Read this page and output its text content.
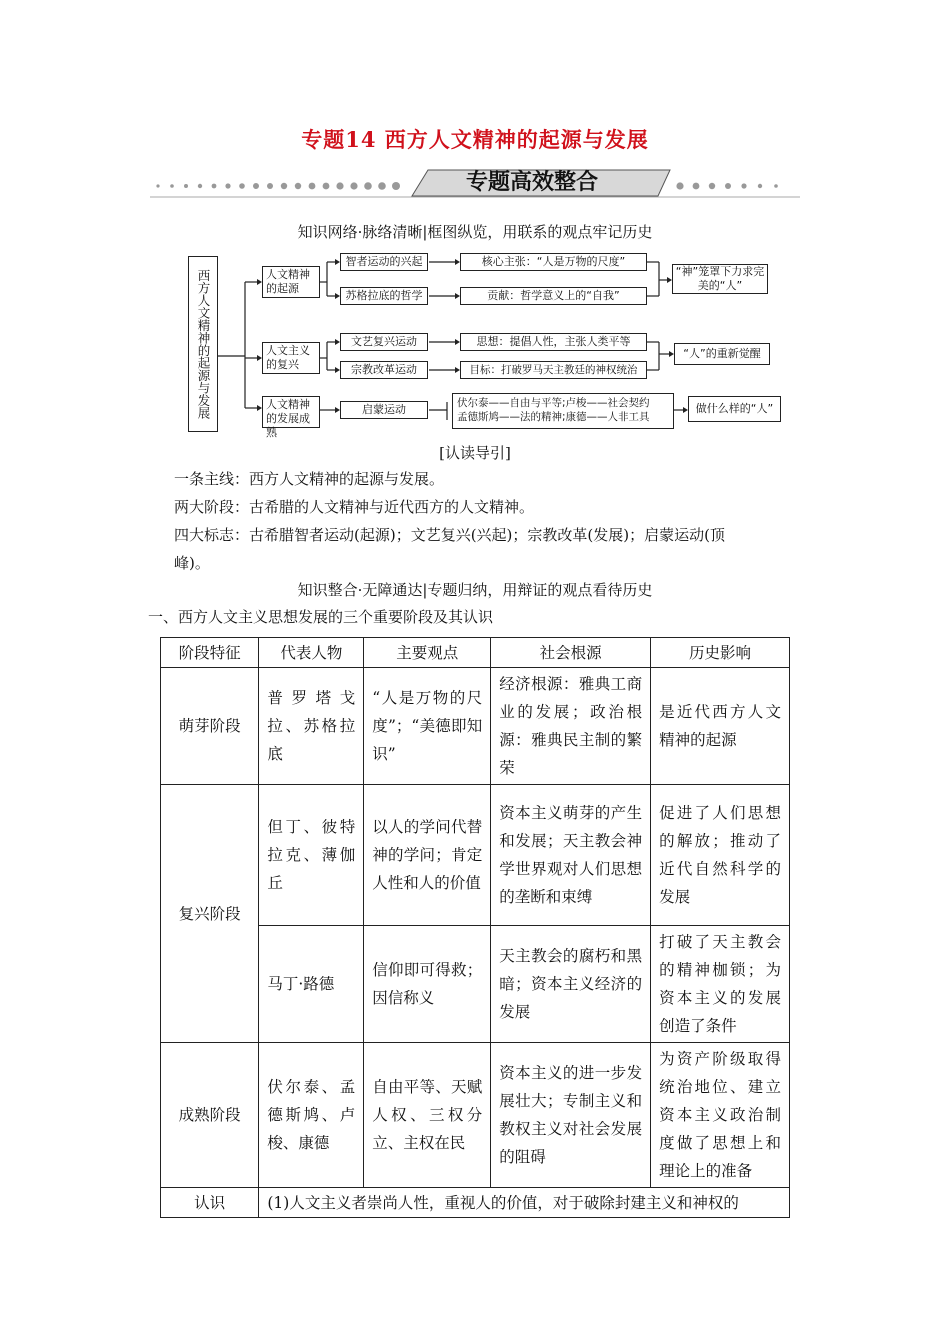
专题14 西方人文精神的起源与发展
专题高效整合
知识网络·脉络清晰|框图纵览，用联系的观点牢记历史
西方人文精神的起源与发展	人文精神的起源
人文主义的复兴
人文精神的发展成熟
智者运动的兴起
苏格拉底的哲学
文艺复兴运动
宗教改革运动
启蒙运动
核心主张：“人是万物的尺度”
贡献：哲学意义上的“自我”
思想：提倡人性，主张人类平等
目标：打破罗马天主教廷的神权统治
伏尔泰——自由与平等;卢梭——社会契约
孟德斯鸠——法的精神;康德——人非工具
“神”笼罩下力求完美的“人”
“人”的重新觉醒
做什么样的“人”
[认读导引]
一条主线：西方人文精神的起源与发展。
两大阶段：古希腊的人文精神与近代西方的人文精神。
四大标志：古希腊智者运动(起源)；文艺复兴(兴起)；宗教改革(发展)；启蒙运动(顶
峰)。
知识整合·无障通达|专题归纳，用辩证的观点看待历史
一、西方人文主义思想发展的三个重要阶段及其认识
阶段特征	代表人物	主要观点	社会根源	历史影响
萌芽阶段	普罗塔戈拉、苏格拉底	“人是万物的尺度”；“美德即知识”	经济根源：雅典工商业的发展；政治根源：雅典民主制的繁荣	是近代西方人文精神的起源
复兴阶段	但丁、彼特拉克、薄伽丘	以人的学问代替神的学问；肯定人性和人的价值	资本主义萌芽的产生和发展；天主教会神学世界观对人们思想的垄断和束缚	促进了人们思想的解放；推动了近代自然科学的发展
	马丁·路德	信仰即可得救；因信称义	天主教会的腐朽和黑暗；资本主义经济的发展	打破了天主教会的精神枷锁；为资本主义的发展创造了条件
成熟阶段	伏尔泰、孟德斯鸠、卢梭、康德	自由平等、天赋人权、三权分立、主权在民	资本主义的进一步发展壮大；专制主义和教权主义对社会发展的阻碍	为资产阶级取得统治地位、建立资本主义政治制度做了思想上和理论上的准备
认识	(1)人文主义者崇尚人性，重视人的价值，对于破除封建主义和神权的			
